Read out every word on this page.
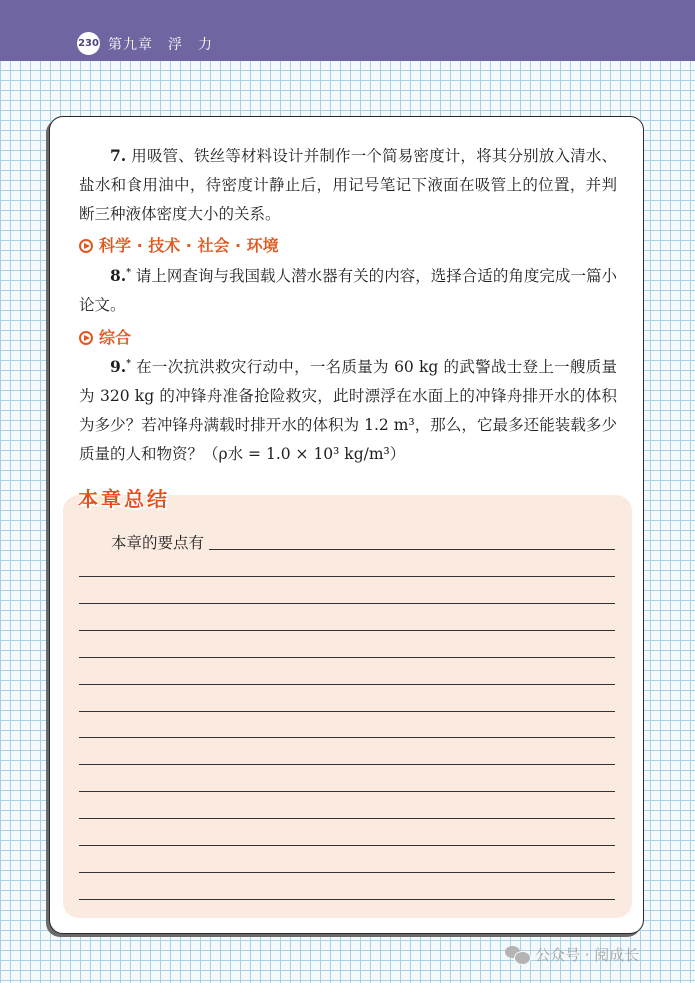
230 第九章　浮　力

7. 用吸管、铁丝等材料设计并制作一个简易密度计，将其分别放入清水、盐水和食用油中，待密度计静止后，用记号笔记下液面在吸管上的位置，并判断三种液体密度大小的关系。

科学 · 技术 · 社会 · 环境

8.* 请上网查询与我国载人潜水器有关的内容，选择合适的角度完成一篇小论文。

综合

9.* 在一次抗洪救灾行动中，一名质量为 60 kg 的武警战士登上一艘质量为 320 kg 的冲锋舟准备抢险救灾，此时漂浮在水面上的冲锋舟排开水的体积为多少？若冲锋舟满载时排开水的体积为 1.2 m³，那么，它最多还能装载多少质量的人和物资？（ρ水 = 1.0 × 10³ kg/m³）

本章总结
本章的要点有
公众号 · 阅成长
